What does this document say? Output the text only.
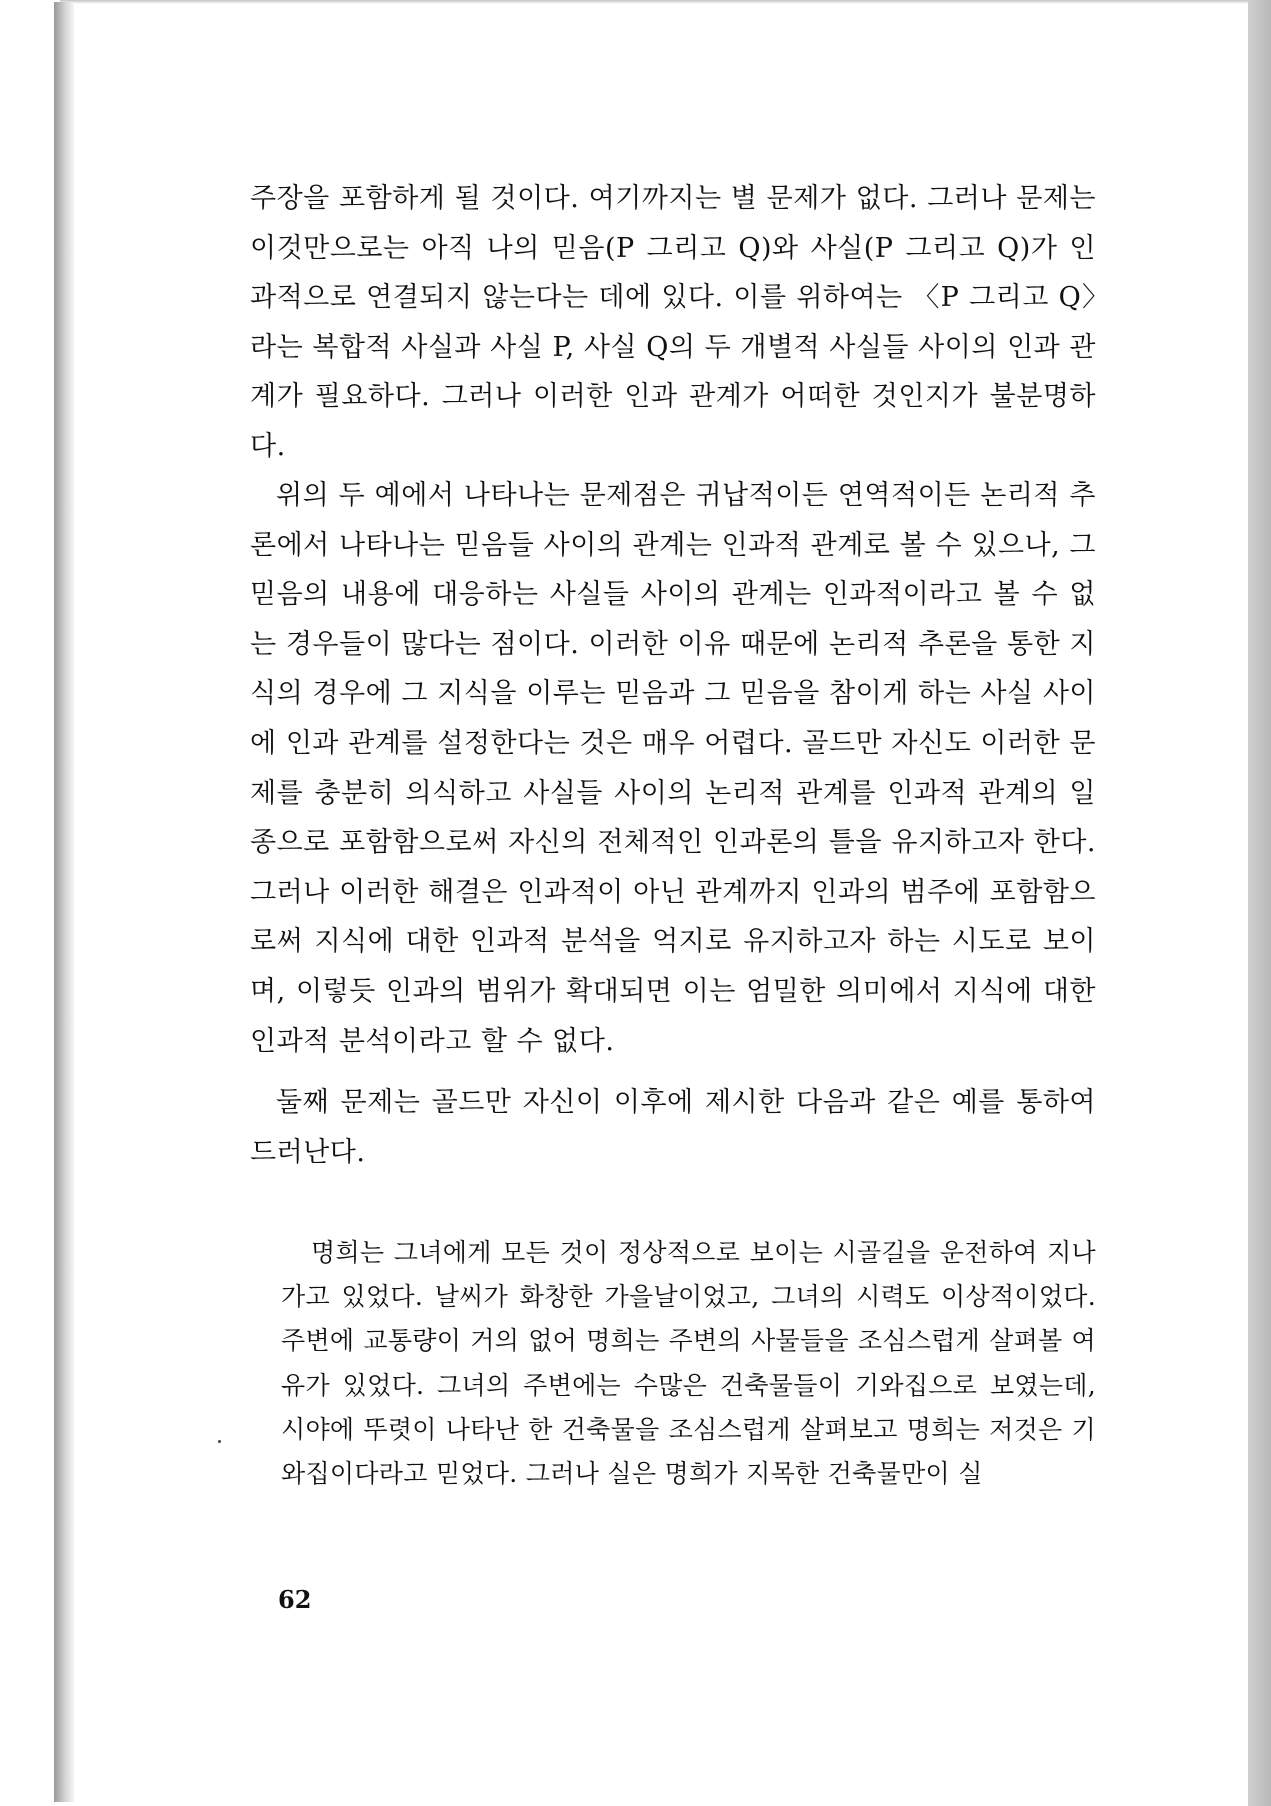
주장을 포함하게 될 것이다. 여기까지는 별 문제가 없다. 그러나 문제는 이것만으로는 아직 나의 믿음(P 그리고 Q)와 사실(P 그리고 Q)가 인과적으로 연결되지 않는다는 데에 있다. 이를 위하여는 〈P 그리고 Q〉라는 복합적 사실과 사실 P, 사실 Q의 두 개별적 사실들 사이의 인과 관계가 필요하다. 그러나 이러한 인과 관계가 어떠한 것인지가 불분명하다.

위의 두 예에서 나타나는 문제점은 귀납적이든 연역적이든 논리적 추론에서 나타나는 믿음들 사이의 관계는 인과적 관계로 볼 수 있으나, 그 믿음의 내용에 대응하는 사실들 사이의 관계는 인과적이라고 볼 수 없는 경우들이 많다는 점이다. 이러한 이유 때문에 논리적 추론을 통한 지식의 경우에 그 지식을 이루는 믿음과 그 믿음을 참이게 하는 사실 사이에 인과 관계를 설정한다는 것은 매우 어렵다. 골드만 자신도 이러한 문제를 충분히 의식하고 사실들 사이의 논리적 관계를 인과적 관계의 일종으로 포함함으로써 자신의 전체적인 인과론의 틀을 유지하고자 한다. 그러나 이러한 해결은 인과적이 아닌 관계까지 인과의 범주에 포함함으로써 지식에 대한 인과적 분석을 억지로 유지하고자 하는 시도로 보이며, 이렇듯 인과의 범위가 확대되면 이는 엄밀한 의미에서 지식에 대한 인과적 분석이라고 할 수 없다.

둘째 문제는 골드만 자신이 이후에 제시한 다음과 같은 예를 통하여 드러난다.

명희는 그녀에게 모든 것이 정상적으로 보이는 시골길을 운전하여 지나가고 있었다. 날씨가 화창한 가을날이었고, 그녀의 시력도 이상적이었다. 주변에 교통량이 거의 없어 명희는 주변의 사물들을 조심스럽게 살펴볼 여유가 있었다. 그녀의 주변에는 수많은 건축물들이 기와집으로 보였는데, 시야에 뚜렷이 나타난 한 건축물을 조심스럽게 살펴보고 명희는 저것은 기와집이다라고 믿었다. 그러나 실은 명희가 지목한 건축물만이 실

62
